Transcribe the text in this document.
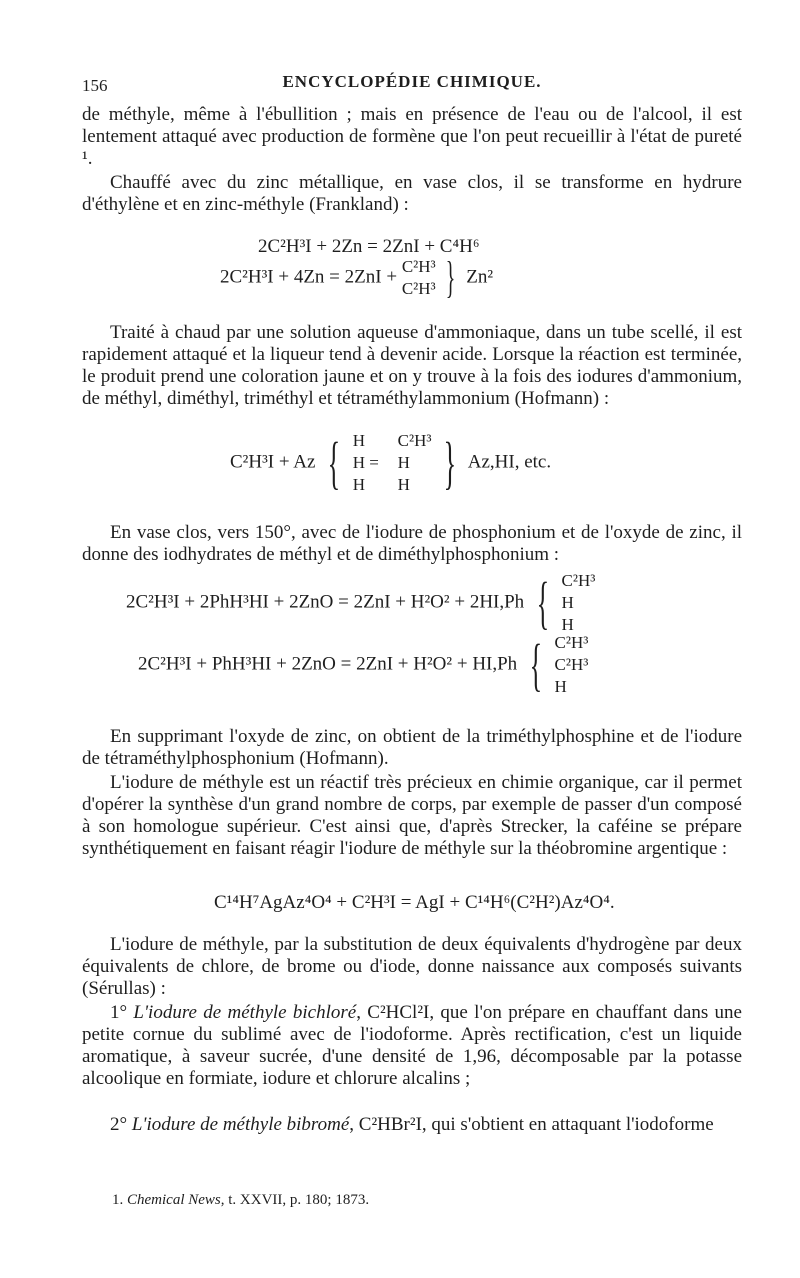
156	ENCYCLOPÉDIE CHIMIQUE.

de méthyle, même à l'ébullition ; mais en présence de l'eau ou de l'alcool, il est lentement attaqué avec production de formène que l'on peut recueillir à l'état de pureté ¹.

Chauffé avec du zinc métallique, en vase clos, il se transforme en hydrure d'éthylène et en zinc-méthyle (Frankland) :

2C²H³I + 2Zn = 2ZnI + C⁴H⁶
2C²H³I + 4Zn = 2ZnI + C²H³
C²H³ } Zn²

Traité à chaud par une solution aqueuse d'ammoniaque, dans un tube scellé, il est rapidement attaqué et la liqueur tend à devenir acide. Lorsque la réaction est terminée, le produit prend une coloration jaune et on y trouve à la fois des iodures d'ammonium, de méthyl, diméthyl, triméthyl et tétraméthylammonium (Hofmann) :

C²H³I + Az { H
H =
H

C²H³
H
H } Az,HI, etc.

En vase clos, vers 150°, avec de l'iodure de phosphonium et de l'oxyde de zinc, il donne des iodhydrates de méthyl et de diméthylphosphonium :

2C²H³I + 2PhH³HI + 2ZnO = 2ZnI + H²O² + 2HI,Ph { C²H³
H
H
2C²H³I + PhH³HI + 2ZnO = 2ZnI + H²O² + HI,Ph { C²H³
C²H³
H

En supprimant l'oxyde de zinc, on obtient de la triméthylphosphine et de l'iodure de tétraméthylphosphonium (Hofmann).

L'iodure de méthyle est un réactif très précieux en chimie organique, car il permet d'opérer la synthèse d'un grand nombre de corps, par exemple de passer d'un composé à son homologue supérieur. C'est ainsi que, d'après Strecker, la caféine se prépare synthétiquement en faisant réagir l'iodure de méthyle sur la théobromine argentique :

C¹⁴H⁷AgAz⁴O⁴ + C²H³I = AgI + C¹⁴H⁶(C²H²)Az⁴O⁴.

L'iodure de méthyle, par la substitution de deux équivalents d'hydrogène par deux équivalents de chlore, de brome ou d'iode, donne naissance aux composés suivants (Sérullas) :

1° L'iodure de méthyle bichloré, C²HCl²I, que l'on prépare en chauffant dans une petite cornue du sublimé avec de l'iodoforme. Après rectification, c'est un liquide aromatique, à saveur sucrée, d'une densité de 1,96, décomposable par la potasse alcoolique en formiate, iodure et chlorure alcalins ;

2° L'iodure de méthyle bibromé, C²HBr²I, qui s'obtient en attaquant l'iodoforme

1. Chemical News, t. XXVII, p. 180; 1873.
